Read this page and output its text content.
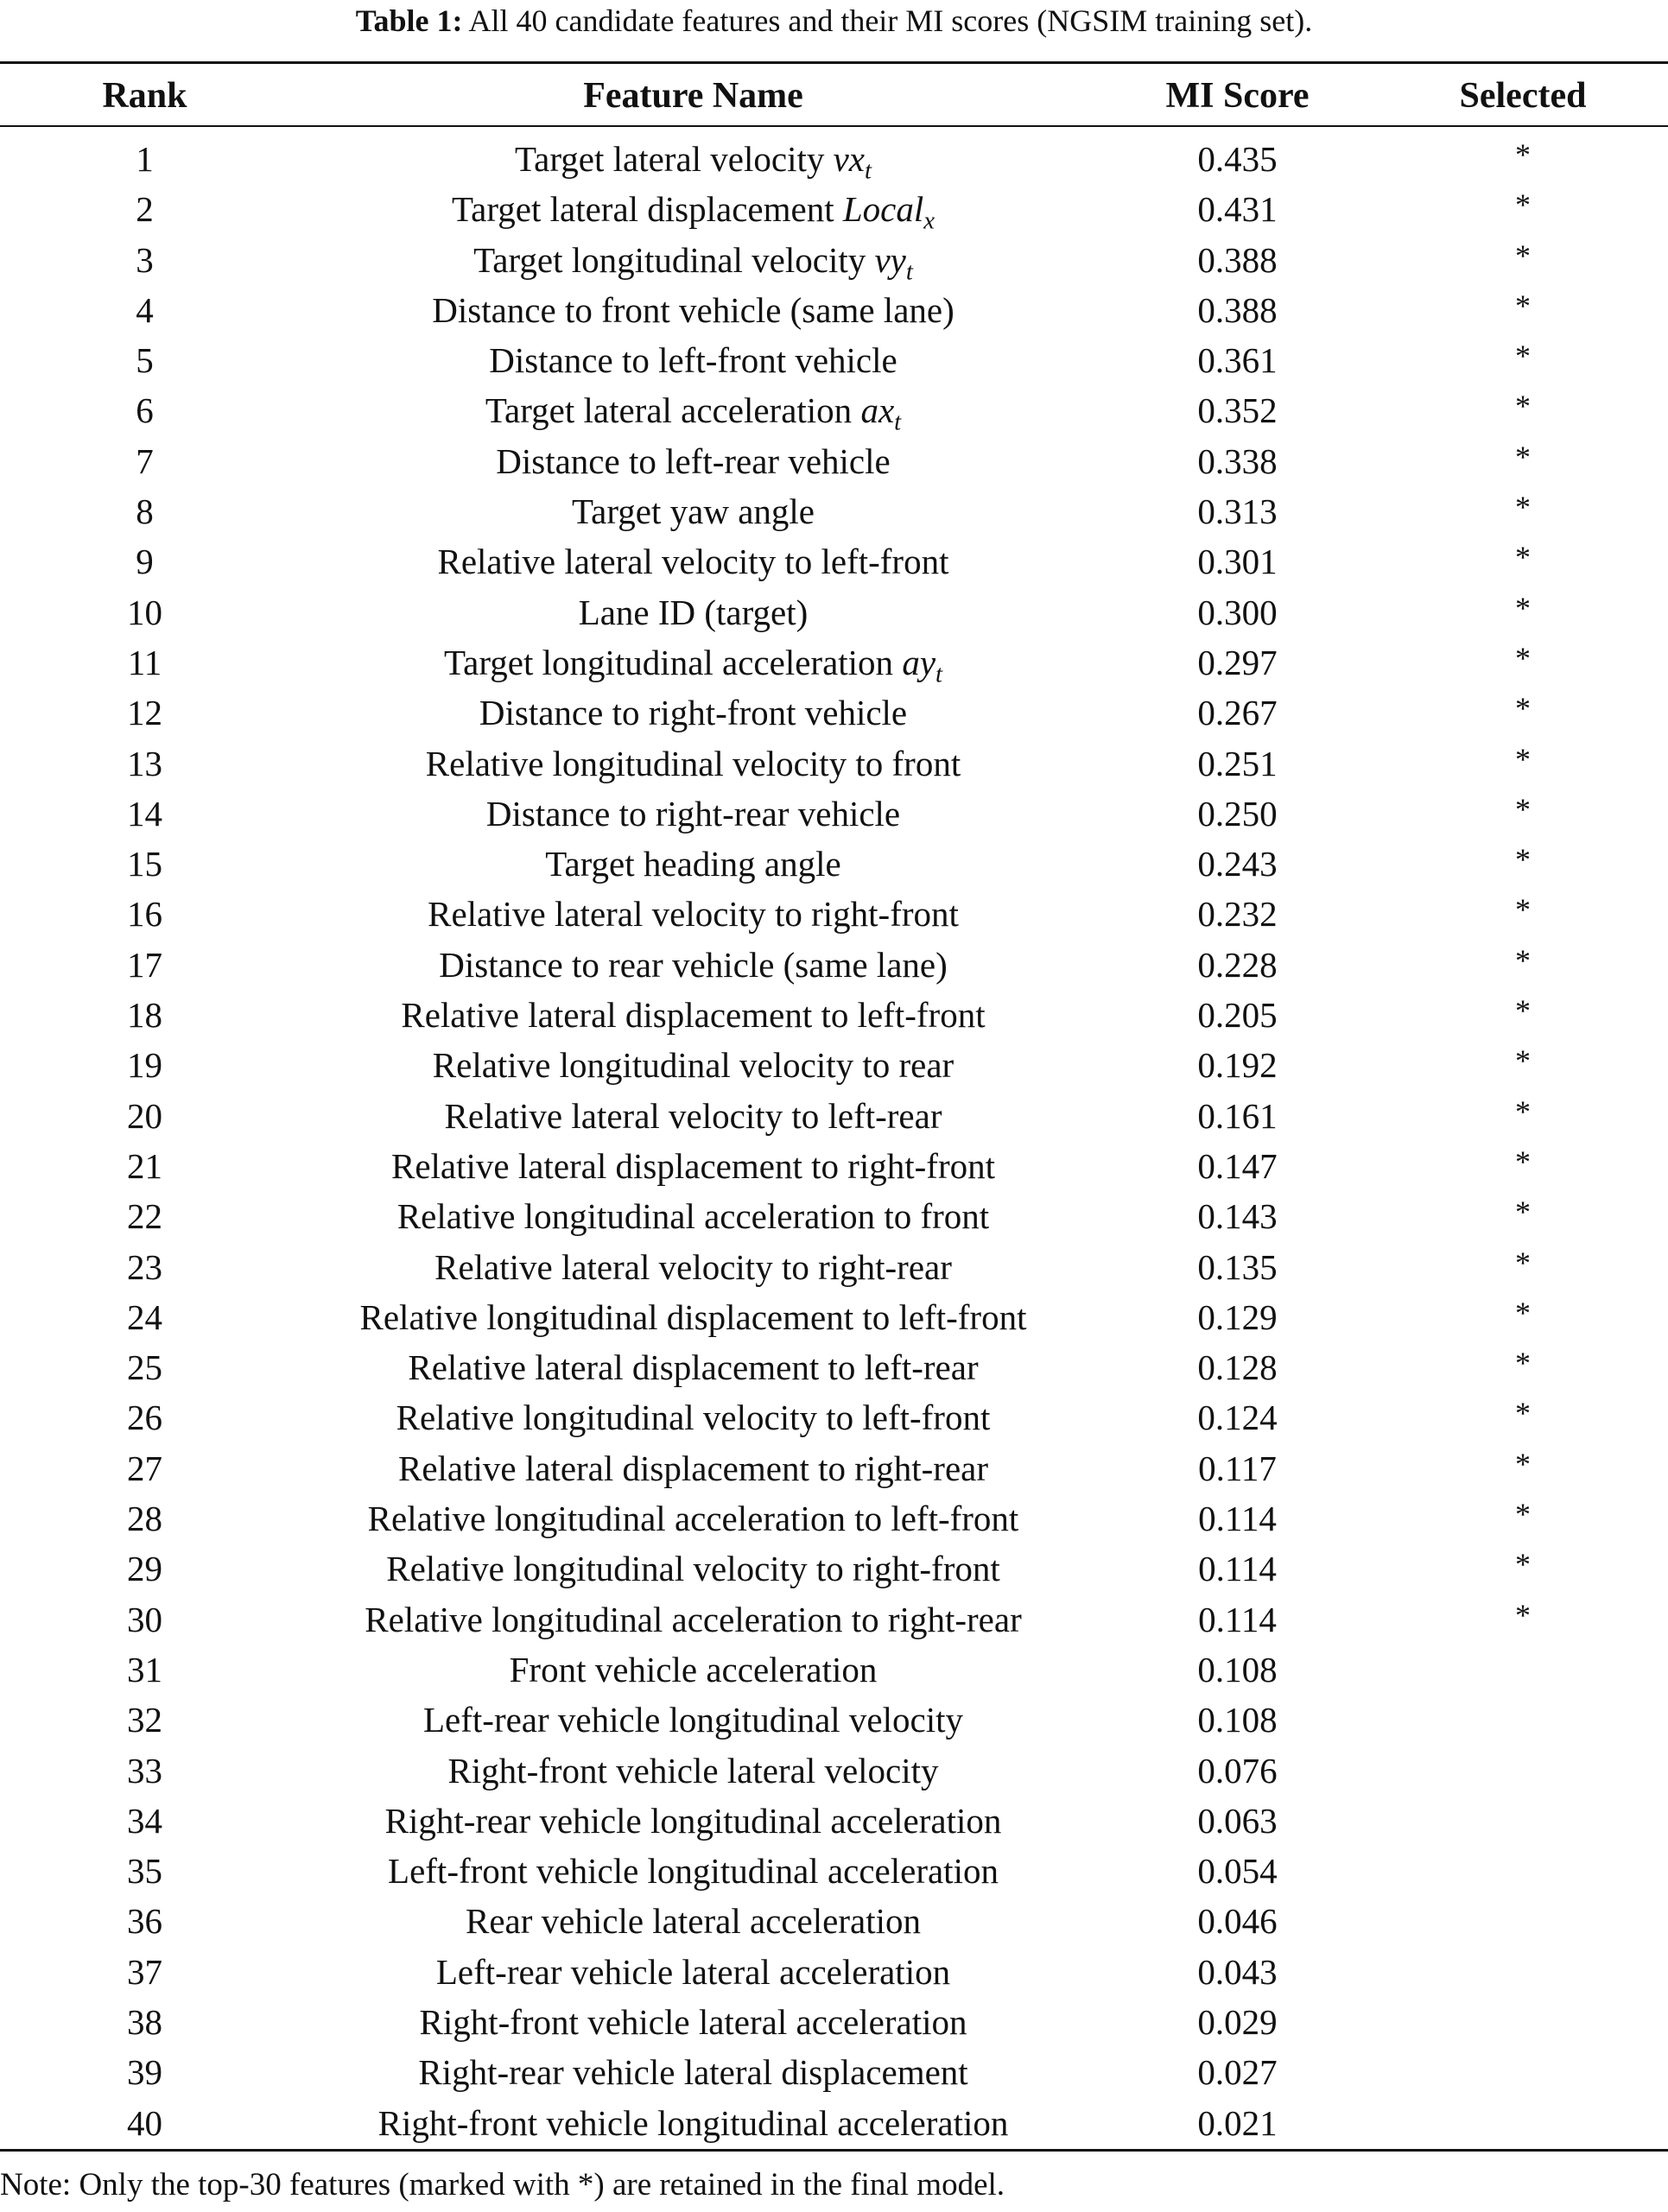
Table 1: All 40 candidate features and their MI scores (NGSIM training set).
Rank	Feature Name	MI Score	Selected
1	Target lateral velocity $vx_t$	0.435	*
2	Target lateral displacement Local$_x$	0.431	*
3	Target longitudinal velocity $vy_t$	0.388	*
4	Distance to front vehicle (same lane)	0.388	*
5	Distance to left-front vehicle	0.361	*
6	Target lateral acceleration $ax_t$	0.352	*
7	Distance to left-rear vehicle	0.338	*
8	Target yaw angle	0.313	*
9	Relative lateral velocity to left-front	0.301	*
10	Lane ID (target)	0.300	*
11	Target longitudinal acceleration $ay_t$	0.297	*
12	Distance to right-front vehicle	0.267	*
13	Relative longitudinal velocity to front	0.251	*
14	Distance to right-rear vehicle	0.250	*
15	Target heading angle	0.243	*
16	Relative lateral velocity to right-front	0.232	*
17	Distance to rear vehicle (same lane)	0.228	*
18	Relative lateral displacement to left-front	0.205	*
19	Relative longitudinal velocity to rear	0.192	*
20	Relative lateral velocity to left-rear	0.161	*
21	Relative lateral displacement to right-front	0.147	*
22	Relative longitudinal acceleration to front	0.143	*
23	Relative lateral velocity to right-rear	0.135	*
24	Relative longitudinal displacement to left-front	0.129	*
25	Relative lateral displacement to left-rear	0.128	*
26	Relative longitudinal velocity to left-front	0.124	*
27	Relative lateral displacement to right-rear	0.117	*
28	Relative longitudinal acceleration to left-front	0.114	*
29	Relative longitudinal velocity to right-front	0.114	*
30	Relative longitudinal acceleration to right-rear	0.114	*
31	Front vehicle acceleration	0.108
32	Left-rear vehicle longitudinal velocity	0.108
33	Right-front vehicle lateral velocity	0.076
34	Right-rear vehicle longitudinal acceleration	0.063
35	Left-front vehicle longitudinal acceleration	0.054
36	Rear vehicle lateral acceleration	0.046
37	Left-rear vehicle lateral acceleration	0.043
38	Right-front vehicle lateral acceleration	0.029
39	Right-rear vehicle lateral displacement	0.027
40	Right-front vehicle longitudinal acceleration	0.021
Note: Only the top-30 features (marked with *) are retained in the final model.
